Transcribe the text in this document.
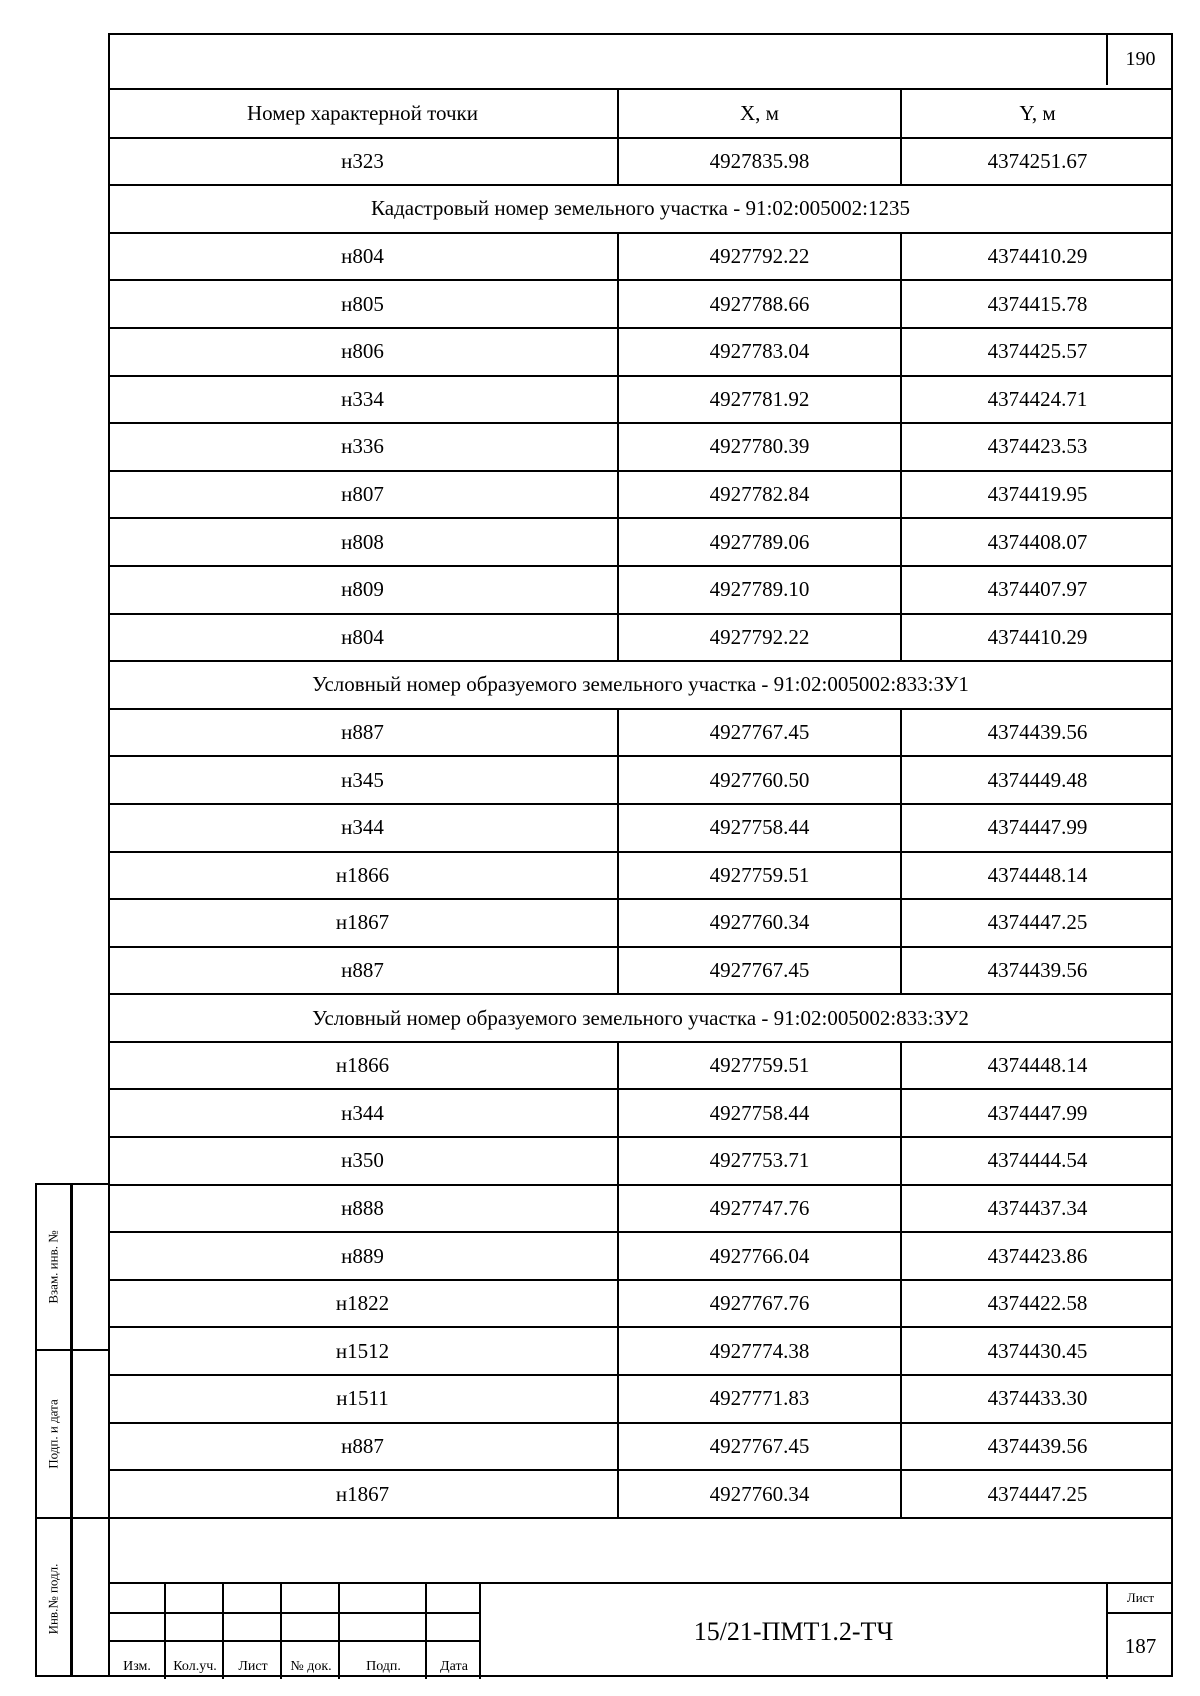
190
Номер характерной точки	X, м	Y, м
н323	4927835.98	4374251.67
Кадастровый номер земельного участка - 91:02:005002:1235		
н804	4927792.22	4374410.29
н805	4927788.66	4374415.78
н806	4927783.04	4374425.57
н334	4927781.92	4374424.71
н336	4927780.39	4374423.53
н807	4927782.84	4374419.95
н808	4927789.06	4374408.07
н809	4927789.10	4374407.97
н804	4927792.22	4374410.29
Условный номер образуемого земельного участка - 91:02:005002:833:ЗУ1		
н887	4927767.45	4374439.56
н345	4927760.50	4374449.48
н344	4927758.44	4374447.99
н1866	4927759.51	4374448.14
н1867	4927760.34	4374447.25
н887	4927767.45	4374439.56
Условный номер образуемого земельного участка - 91:02:005002:833:ЗУ2		
н1866	4927759.51	4374448.14
н344	4927758.44	4374447.99
н350	4927753.71	4374444.54
н888	4927747.76	4374437.34
н889	4927766.04	4374423.86
н1822	4927767.76	4374422.58
н1512	4927774.38	4374430.45
н1511	4927771.83	4374433.30
н887	4927767.45	4374439.56
н1867	4927760.34	4374447.25
Взам. инв. №
Подп. и дата
Инв.№ подл.
Изм.	Кол.уч.	Лист	№ док.	Подп.	Дата
15/21-ПМТ1.2-ТЧ
Лист
187
